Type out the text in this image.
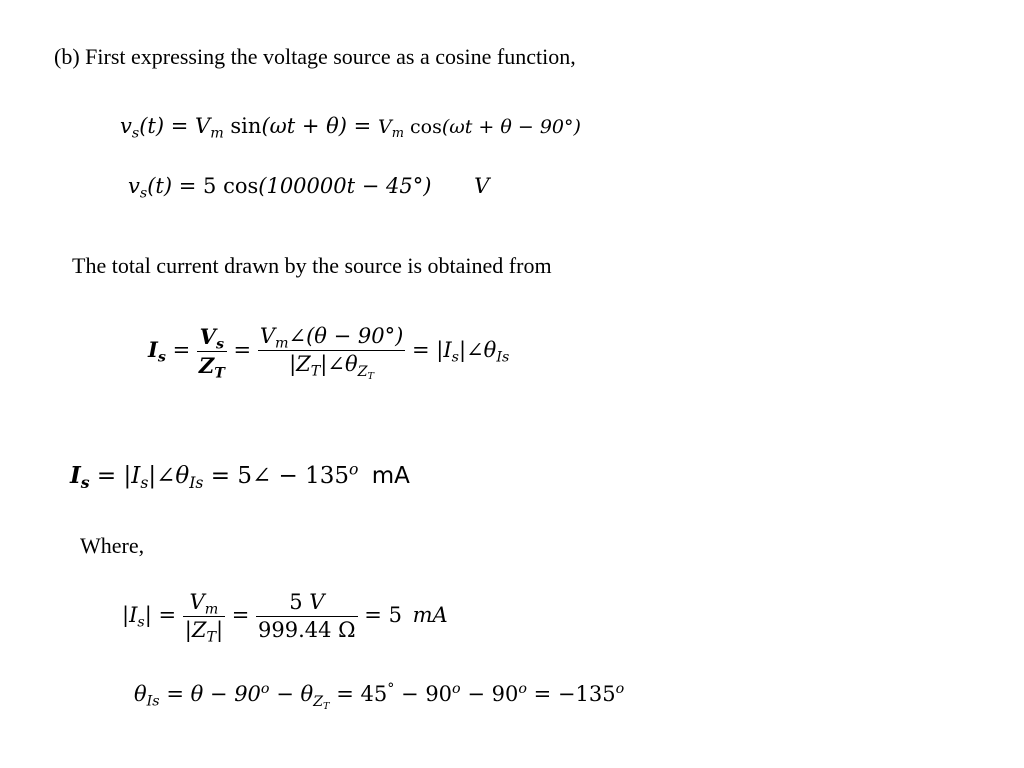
(b) First expressing the voltage source as a cosine function,
$v_s(t) = V_m$ $\sin(\omega t + \theta) = V_m$ cos(ωt + θ − 90°)
$v_s(t) = 5$ cos(100000t − 45°) V
The total current drawn by the source is obtained from
$I_s = \frac{V_s}{Z_T} = \frac{V_m\angle(\theta - 90^\circ)}{|Z_T|\angle\theta_{Z_T}}$ = $|I_s|\angle\theta_{Is}$
$I_s$ = $|I_s|\angle\theta_{Is}$ = 5∠ − $135^o$ mA
Where,
$|I_s| = \frac{V_m}{|Z_T|} = \frac{5 V}{999.44 \Omega} = 5$ mA
$\theta_{Is} = \theta - 90^o - \theta_{Z_T} = 45^\circ - 90^o - 90^o = -135^o$
